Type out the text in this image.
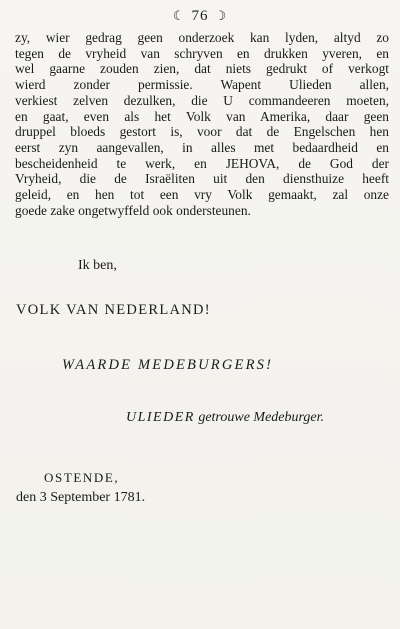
☾ 76 ☽
zy, wier gedrag geen onderzoek kan lyden, altyd zo
tegen de vryheid van schryven en drukken yveren, en
wel gaarne zouden zien, dat niets gedrukt of verkogt
wierd zonder permissie. Wapent Ulieden allen,
verkiest zelven dezulken, die U commandeeren moeten,
en gaat, even als het Volk van Amerika, daar geen
druppel bloeds gestort is, voor dat de Engelschen hen
eerst zyn aangevallen, in alles met bedaardheid en
bescheidenheid te werk, en JEHOVA, de God der
Vryheid, die de Israëliten uit den diensthuize heeft
geleid, en hen tot een vry Volk gemaakt, zal onze
goede zake ongetwyffeld ook ondersteunen.
Ik ben,
VOLK VAN NEDERLAND!
WAARDE MEDEBURGERS!
ULIEDER getrouwe Medeburger.
OSTENDE,
den 3 September 1781.
